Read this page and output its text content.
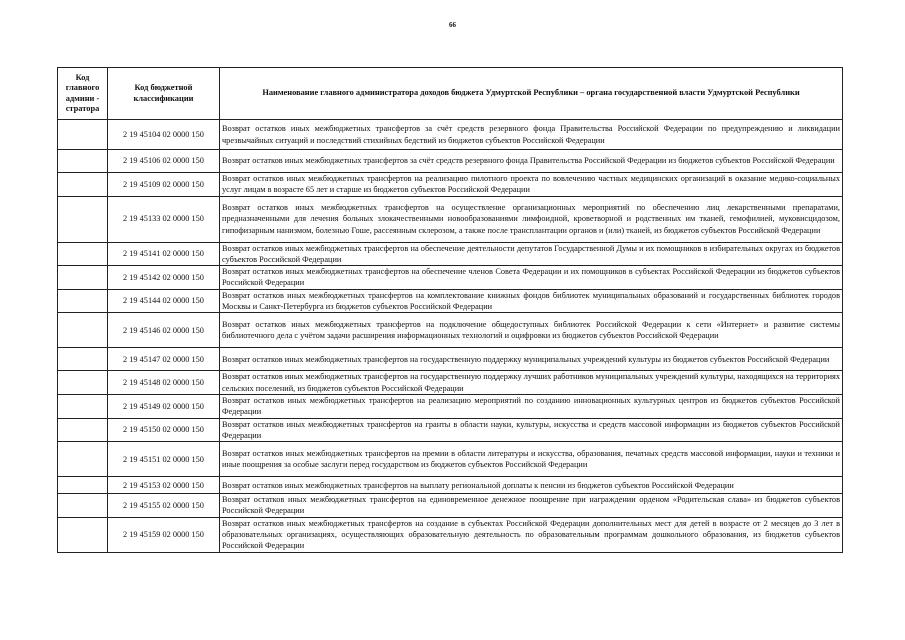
66
Код главного админи - стратора	Код бюджетной классификации	Наименование главного администратора доходов бюджета Удмуртской Республики – органа государственной власти Удмуртской Республики
	2 19 45104 02 0000 150	Возврат остатков иных межбюджетных трансфертов за счёт средств резервного фонда Правительства Российской Федерации по предупреждению и ликвидации чрезвычайных ситуаций и последствий стихийных бедствий из бюджетов субъектов Российской Федерации
	2 19 45106 02 0000 150	Возврат остатков иных межбюджетных трансфертов за счёт средств резервного фонда Правительства Российской Федерации из бюджетов субъектов Российской Федерации
	2 19 45109 02 0000 150	Возврат остатков иных межбюджетных трансфертов на реализацию пилотного проекта по вовлечению частных медицинских организаций в оказание медико-социальных услуг лицам в возрасте 65 лет и старше из бюджетов субъектов Российской Федерации
	2 19 45133 02 0000 150	Возврат остатков иных межбюджетных трансфертов на осуществление организационных мероприятий по обеспечению лиц лекарственными препаратами, предназначенными для лечения больных злокачественными новообразованиями лимфоидной, кроветворной и родственных им тканей, гемофилией, муковисцидозом, гипофизарным нанизмом, болезнью Гоше, рассеянным склерозом, а также после трансплантации органов и (или) тканей, из бюджетов субъектов Российской Федерации
	2 19 45141 02 0000 150	Возврат остатков иных межбюджетных трансфертов на обеспечение деятельности депутатов Государственной Думы и их помощников в избирательных округах из бюджетов субъектов Российской Федерации
	2 19 45142 02 0000 150	Возврат остатков иных межбюджетных трансфертов на обеспечение членов Совета Федерации и их помощников в субъектах Российской Федерации из бюджетов субъектов Российской Федерации
	2 19 45144 02 0000 150	Возврат остатков иных межбюджетных трансфертов на комплектование книжных фондов библиотек муниципальных образований и государственных библиотек городов Москвы и Санкт-Петербурга из бюджетов субъектов Российской Федерации
	2 19 45146 02 0000 150	Возврат остатков иных межбюджетных трансфертов на подключение общедоступных библиотек Российской Федерации к сети «Интернет» и развитие системы библиотечного дела с учётом задачи расширения информационных технологий и оцифровки из бюджетов субъектов Российской Федерации
	2 19 45147 02 0000 150	Возврат остатков иных межбюджетных трансфертов на государственную поддержку муниципальных учреждений культуры из бюджетов субъектов Российской Федерации
	2 19 45148 02 0000 150	Возврат остатков иных межбюджетных трансфертов на государственную поддержку лучших работников муниципальных учреждений культуры, находящихся на территориях сельских поселений, из бюджетов субъектов Российской Федерации
	2 19 45149 02 0000 150	Возврат остатков иных межбюджетных трансфертов на реализацию мероприятий по созданию инновационных культурных центров из бюджетов субъектов Российской Федерации
	2 19 45150 02 0000 150	Возврат остатков иных межбюджетных трансфертов на гранты в области науки, культуры, искусства и средств массовой информации из бюджетов субъектов Российской Федерации
	2 19 45151 02 0000 150	Возврат остатков иных межбюджетных трансфертов на премии в области литературы и искусства, образования, печатных средств массовой информации, науки и техники и иные поощрения за особые заслуги перед государством из бюджетов субъектов Российской Федерации
	2 19 45153 02 0000 150	Возврат остатков иных межбюджетных трансфертов на выплату региональной доплаты к пенсии из бюджетов субъектов Российской Федерации
	2 19 45155 02 0000 150	Возврат остатков иных межбюджетных трансфертов на единовременное денежное поощрение при награждении орденом «Родительская слава» из бюджетов субъектов Российской Федерации
	2 19 45159 02 0000 150	Возврат остатков иных межбюджетных трансфертов на создание в субъектах Российской Федерации дополнительных мест для детей в возрасте от 2 месяцев до 3 лет в образовательных организациях, осуществляющих образовательную деятельность по образовательным программам дошкольного образования, из бюджетов субъектов Российской Федерации
